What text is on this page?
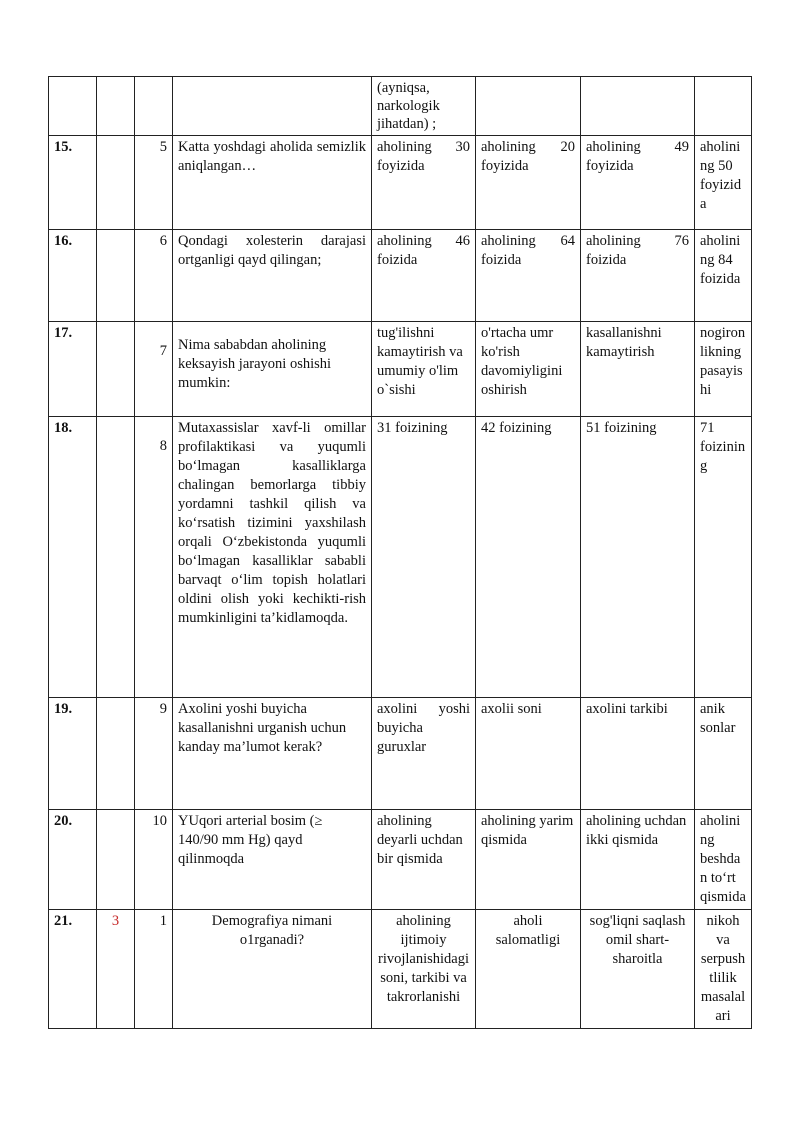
				(ayniqsa, narkologik jihatdan) ;			
15.		5	Katta yoshdagi aholida semizlik aniqlangan…	aholining 30 foyizida	aholining 20 foyizida	aholining 49 foyizida	aholining 50 foyizida
16.		6	Qondagi xolesterin darajasi ortganligi qayd qilingan;	aholining 46 foizida	aholining 64 foizida	aholining 76 foizida	aholining 84 foizida
17.		7	Nima sababdan aholining keksayish jarayoni oshishi mumkin:	tug'ilishni kamaytirish va umumiy o'lim o`sishi	o'rtacha umr ko'rish davomiyligini oshirish	kasallanishni kamaytirish	nogironlikning pasayishi
18.		8	Mutaxassislar xavf-li omillar profilaktikasi va yuqumli bo‘lmagan kasalliklarga chalingan bemorlarga tibbiy yordamni tashkil qilish va ko‘rsatish tizimini yaxshilash orqali O‘zbekistonda yuqumli bo‘lmagan kasalliklar sababli barvaqt o‘lim topish holatlari oldini olish yoki kechikti-rish mumkinligini ta’kidlamoqda.	31 foizining	42 foizining	51 foizining	71 foizining
19.		9	Axolini yoshi buyicha kasallanishni urganish uchun kanday ma’lumot kerak?	axolini yoshi buyicha guruxlar	axolii soni	axolini tarkibi	anik sonlar
20.		10	YUqori arterial bosim (≥ 140/90 mm Hg) qayd qilinmoqda	aholining deyarli uchdan bir qismida	aholining yarim qismida	aholining uchdan ikki qismida	aholining beshdan to‘rt qismida
21.	3	1	Demografiya nimani o1rganadi?	aholining ijtimoiy rivojlanishidagi soni, tarkibi va takrorlanishi	aholi salomatligi	sog'liqni saqlash omil shart-sharoitla	nikoh va serpushtlilik masalalari
